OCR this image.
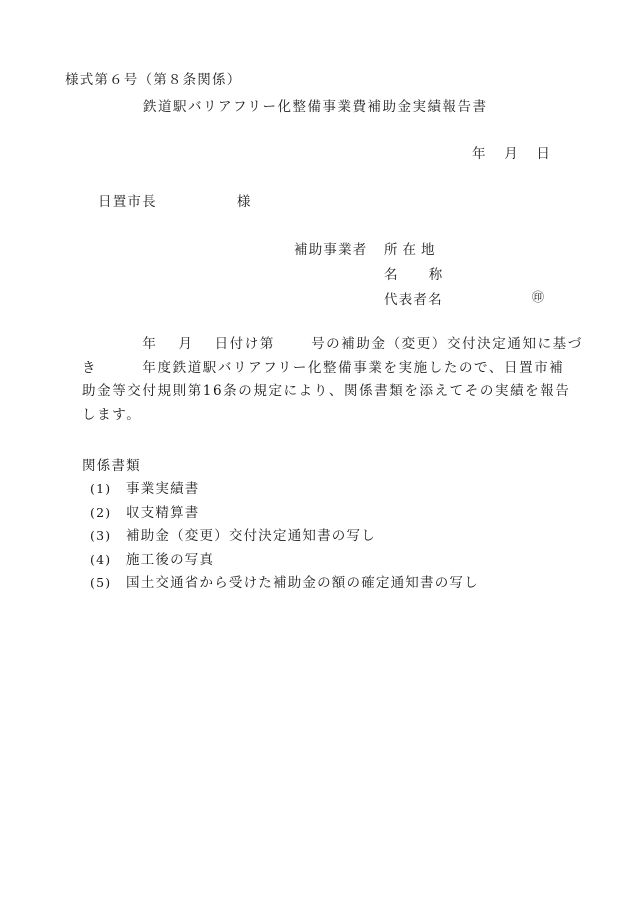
様式第６号（第８条関係）
鉄道駅バリアフリー化整備事業費補助金実績報告書
年 月 日
日置市長	様
補助事業者 所在地
名 称
代表者名	㊞
　　　　年　 月　 日付け第　　 号の補助金（変更）交付決定通知に基づ
き　　　年度鉄道駅バリアフリー化整備事業を実施したので、日置市補
助金等交付規則第16条の規定により、関係書類を添えてその実績を報告
します。
関係書類
(1) 事業実績書
(2) 収支精算書
(3) 補助金（変更）交付決定通知書の写し
(4) 施工後の写真
(5) 国土交通省から受けた補助金の額の確定通知書の写し
